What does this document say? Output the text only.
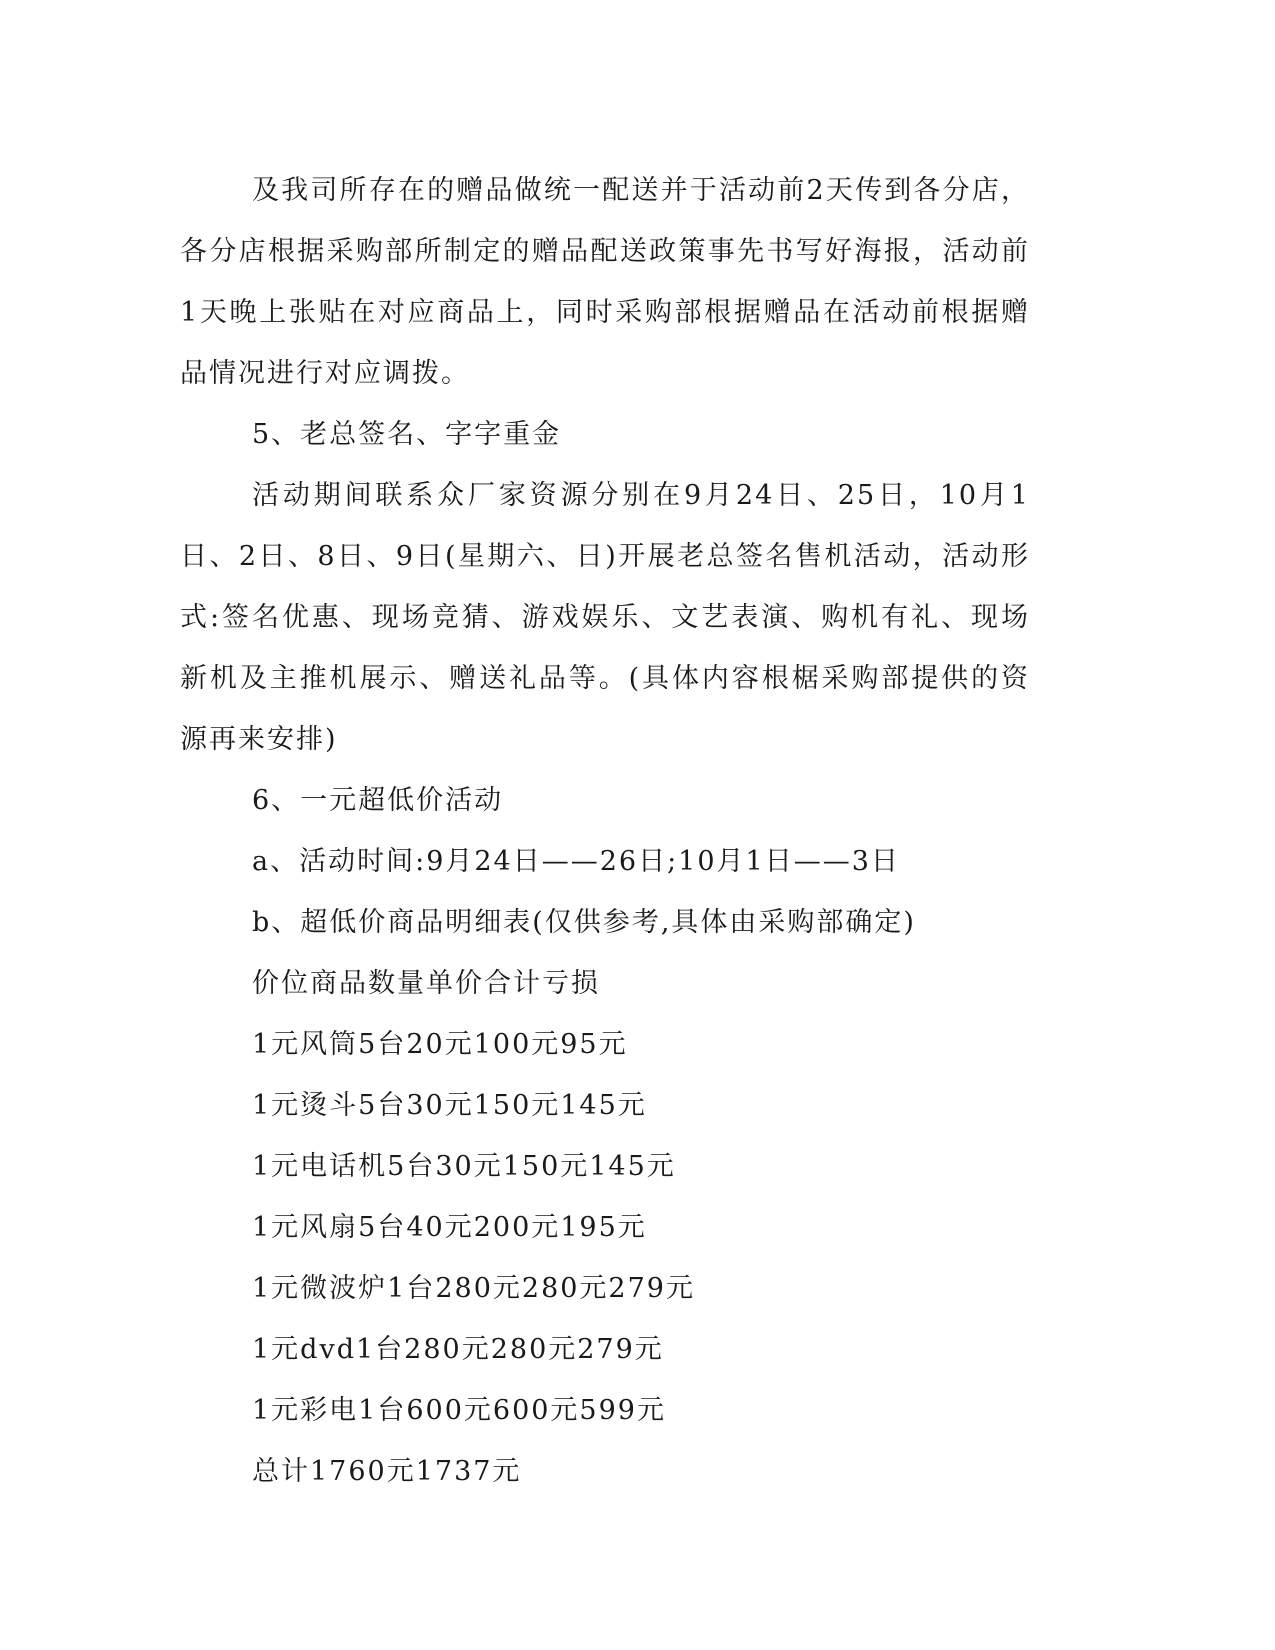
及我司所存在的赠品做统一配送并于活动前2天传到各分店，各分店根据采购部所制定的赠品配送政策事先书写好海报，活动前1天晚上张贴在对应商品上，同时采购部根据赠品在活动前根据赠品情况进行对应调拨。

5、老总签名、字字重金

活动期间联系众厂家资源分别在9月24日、25日，10月1日、2日、8日、9日(星期六、日)开展老总签名售机活动，活动形式:签名优惠、现场竞猜、游戏娱乐、文艺表演、购机有礼、现场新机及主推机展示、赠送礼品等。(具体内容根椐采购部提供的资源再来安排)

6、一元超低价活动

a、活动时间:9月24日——26日;10月1日——3日

b、超低价商品明细表(仅供参考,具体由采购部确定)

价位商品数量单价合计亏损

1元风筒5台20元100元95元

1元烫斗5台30元150元145元

1元电话机5台30元150元145元

1元风扇5台40元200元195元

1元微波炉1台280元280元279元

1元dvd1台280元280元279元

1元彩电1台600元600元599元

总计1760元1737元
